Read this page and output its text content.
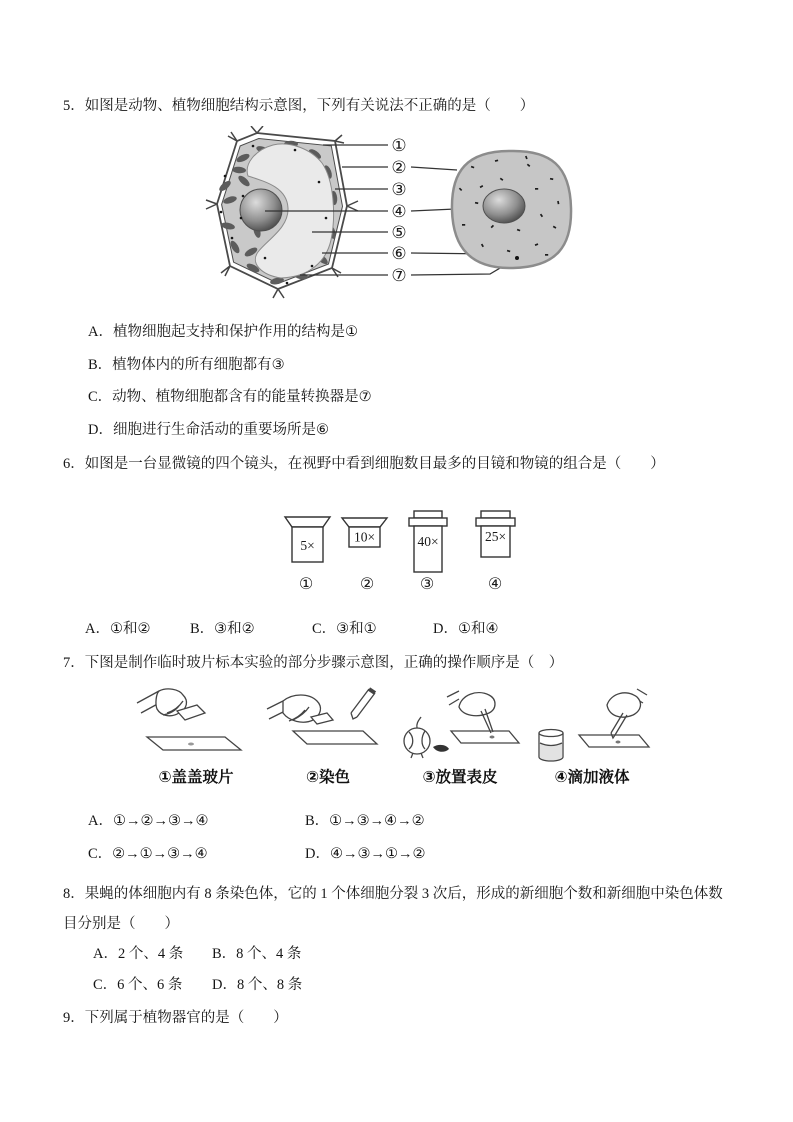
5．如图是动物、植物细胞结构示意图，下列有关说法不正确的是（　　）

①
②
③
④
⑤
⑥
⑦
A．植物细胞起支持和保护作用的结构是①
B．植物体内的所有细胞都有③
C．动物、植物细胞都含有的能量转换器是⑦
D．细胞进行生命活动的重要场所是⑥

6．如图是一台显微镜的四个镜头，在视野中看到细胞数目最多的目镜和物镜的组合是（　　）

5×
10×	40×	25×
①	②	③	④

A．①和②	B．③和②	C．③和①	D．①和④

7．下图是制作临时玻片标本实验的部分步骤示意图，正确的操作顺序是（　）

①盖盖玻片	②染色	③放置表皮	④滴加液体
A．①→②→③→④	B．①→③→④→②
C．②→①→③→④	D．④→③→①→②

8．果蝇的体细胞内有 8 条染色体，它的 1 个体细胞分裂 3 次后，形成的新细胞个数和新细胞中染色体数目分别是（　　）

A．2 个、4 条 B．8 个、4 条
C．6 个、6 条 D．8 个、8 条

9．下列属于植物器官的是（　　）
